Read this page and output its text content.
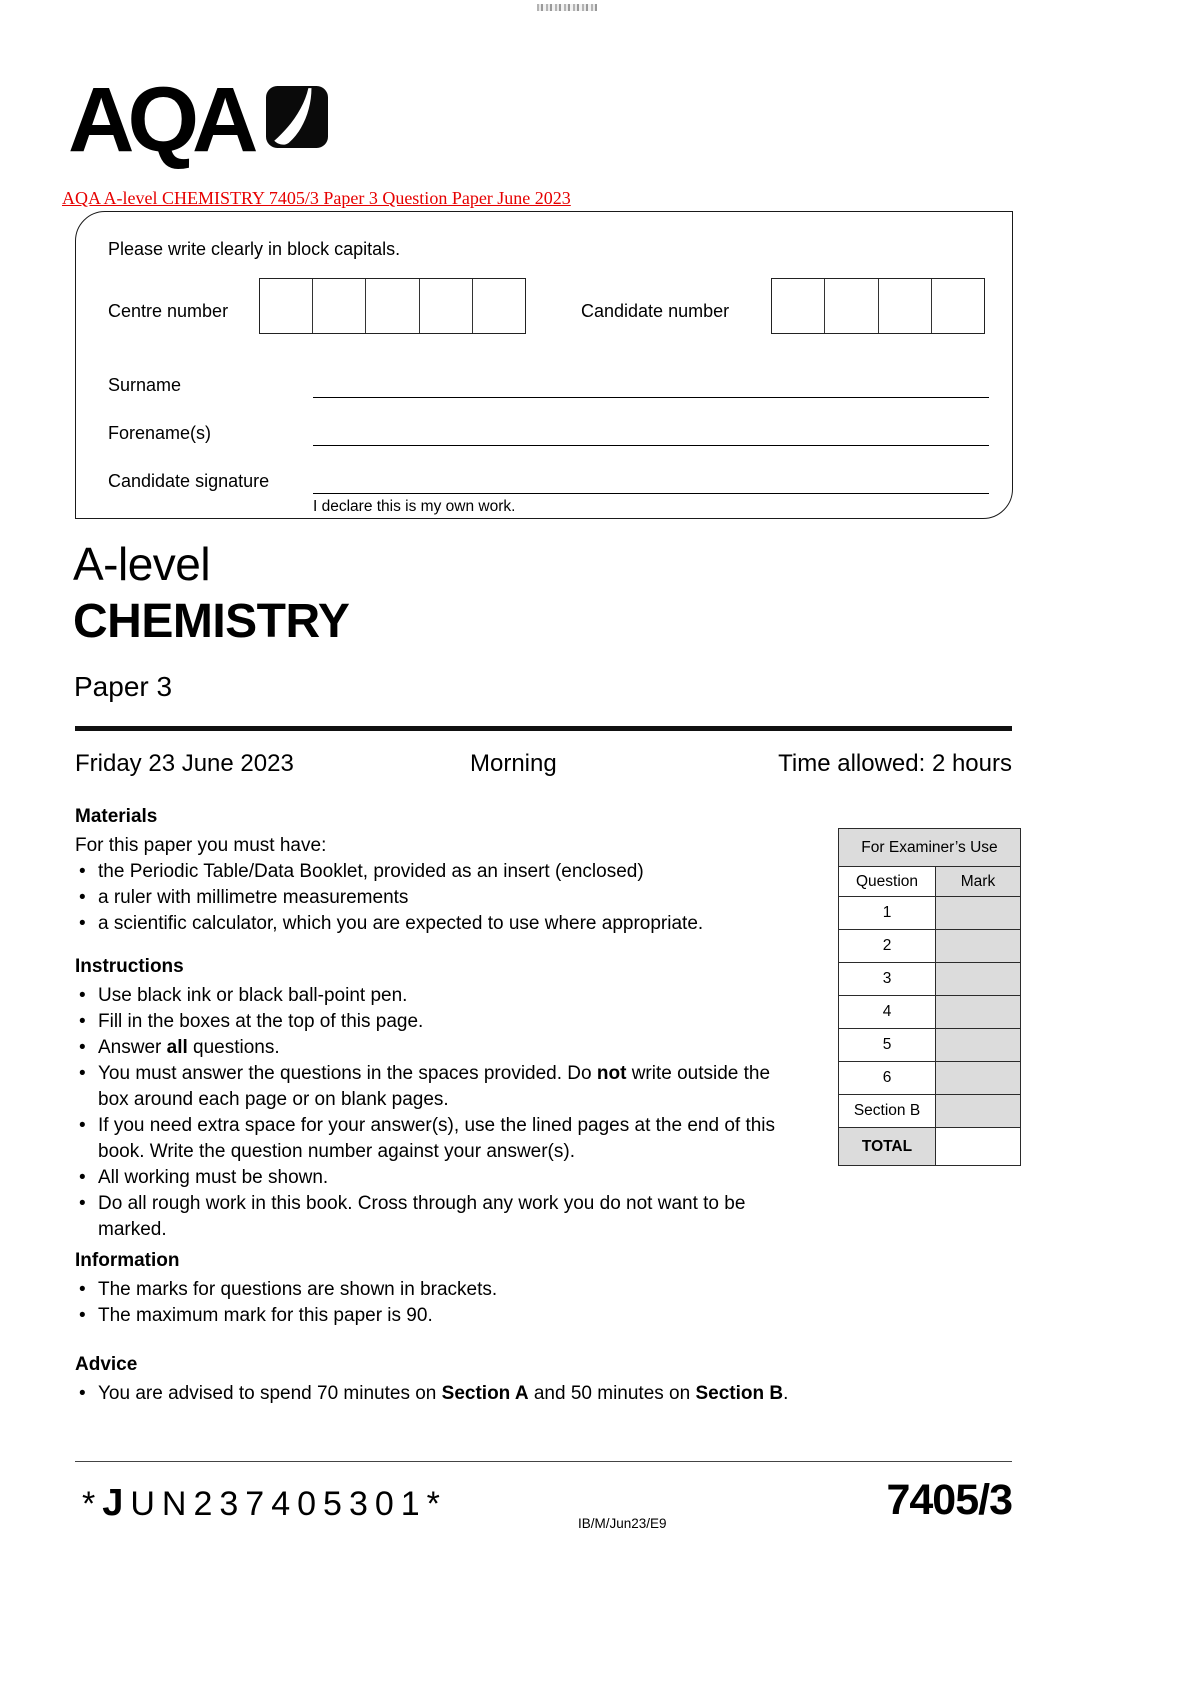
AQA
AQA A-level CHEMISTRY 7405/3 Paper 3 Question Paper June 2023
Please write clearly in block capitals.
Centre number	Candidate number
Surname
Forename(s)
Candidate signature
I declare this is my own work.
A-level
CHEMISTRY
Paper 3
Friday 23 June 2023	Morning	Time allowed: 2 hours
Materials

For this paper you must have:

• the Periodic Table/Data Booklet, provided as an insert (enclosed)
• a ruler with millimetre measurements
• a scientific calculator, which you are expected to use where appropriate.
Instructions
• Use black ink or black ball-point pen.
• Fill in the boxes at the top of this page.
• Answer all questions.
• You must answer the questions in the spaces provided. Do not write outside the box around each page or on blank pages.
• If you need extra space for your answer(s), use the lined pages at the end of this book. Write the question number against your answer(s).
• All working must be shown.
• Do all rough work in this book. Cross through any work you do not want to be marked.
Information
• The marks for questions are shown in brackets.
• The maximum mark for this paper is 90.
Advice
• You are advised to spend 70 minutes on Section A and 50 minutes on Section B.
For Examiner’s Use	
Question	Mark
1	
2	
3	
4	
5	
6	
Section B	
TOTAL	
*JUN237405301*
IB/M/Jun23/E9	7405/3
